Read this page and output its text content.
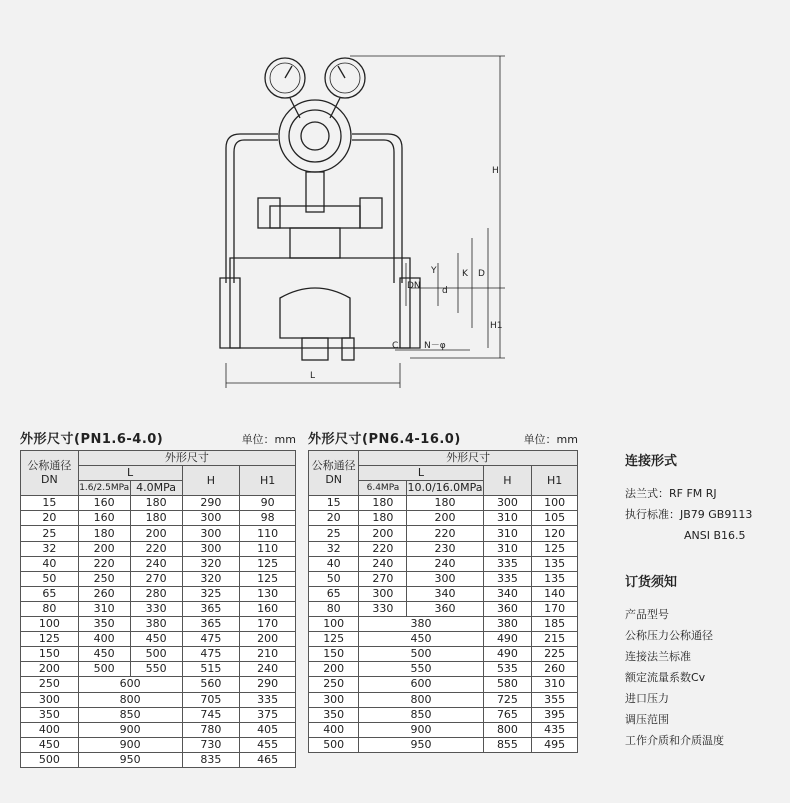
H
H1
L
DN
Y
d
K D
C	N－φ
外形尺寸(PN1.6-4.0)	单位：mm
公称通径
DN	外形尺寸			
	L		H	H1
	1.6/2.5MPa	4.0MPa		
15	160	180	290	90
20	160	180	300	98
25	180	200	300	110
32	200	220	300	110
40	220	240	320	125
50	250	270	320	125
65	260	280	325	130
80	310	330	365	160
100	350	380	365	170
125	400	450	475	200
150	450	500	475	210
200	500	550	515	240
250	600		560	290
300	800		705	335
350	850		745	375
400	900		780	405
450	900		730	455
500	950		835	465
外形尺寸(PN6.4-16.0)	单位：mm
公称通径
DN	外形尺寸			
	L		H	H1
	6.4MPa	10.0/16.0MPa		
15	180	180	300	100
20	180	200	310	105
25	200	220	310	120
32	220	230	310	125
40	240	240	335	135
50	270	300	335	135
65	300	340	340	140
80	330	360	360	170
100	380		380	185
125	450		490	215
150	500		490	225
200	550		535	260
250	600		580	310
300	800		725	355
350	850		765	395
400	900		800	435
500	950		855	495
连接形式
法兰式：RF FM RJ
执行标准：JB79 GB9113
ANSI B16.5
订货须知
产品型号
公称压力公称通径
连接法兰标准
额定流量系数Cv
进口压力
调压范围
工作介质和介质温度
